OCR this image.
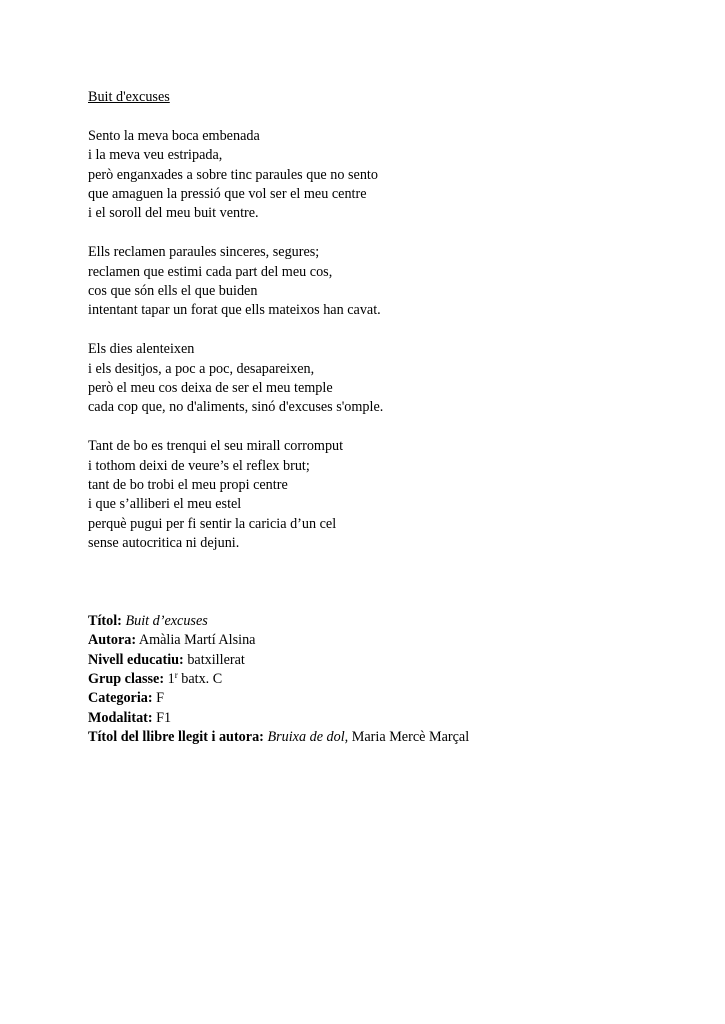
Buit d'excuses
Sento la meva boca embenada
i la meva veu estripada,
però enganxades a sobre tinc paraules que no sento
que amaguen la pressió que vol ser el meu centre
i el soroll del meu buit ventre.
Ells reclamen paraules sinceres, segures;
reclamen que estimi cada part del meu cos,
cos que són ells el que buiden
intentant tapar un forat que ells mateixos han cavat.
Els dies alenteixen
i els desitjos, a poc a poc, desapareixen,
però el meu cos deixa de ser el meu temple
cada cop que, no d'aliments, sinó d'excuses s'omple.
Tant de bo es trenqui el seu mirall corromput
i tothom deixi de veure’s el reflex brut;
tant de bo trobi el meu propi centre
i que s’alliberi el meu estel
perquè pugui per fi sentir la caricia d’un cel
sense autocritica ni dejuni.
Títol: Buit d’excuses
Autora: Amàlia Martí Alsina
Nivell educatiu: batxillerat
Grup classe: 1$^r$ batx. C
Categoria: F
Modalitat: F1
Títol del llibre llegit i autora: Bruixa de dol, Maria Mercè Marçal
